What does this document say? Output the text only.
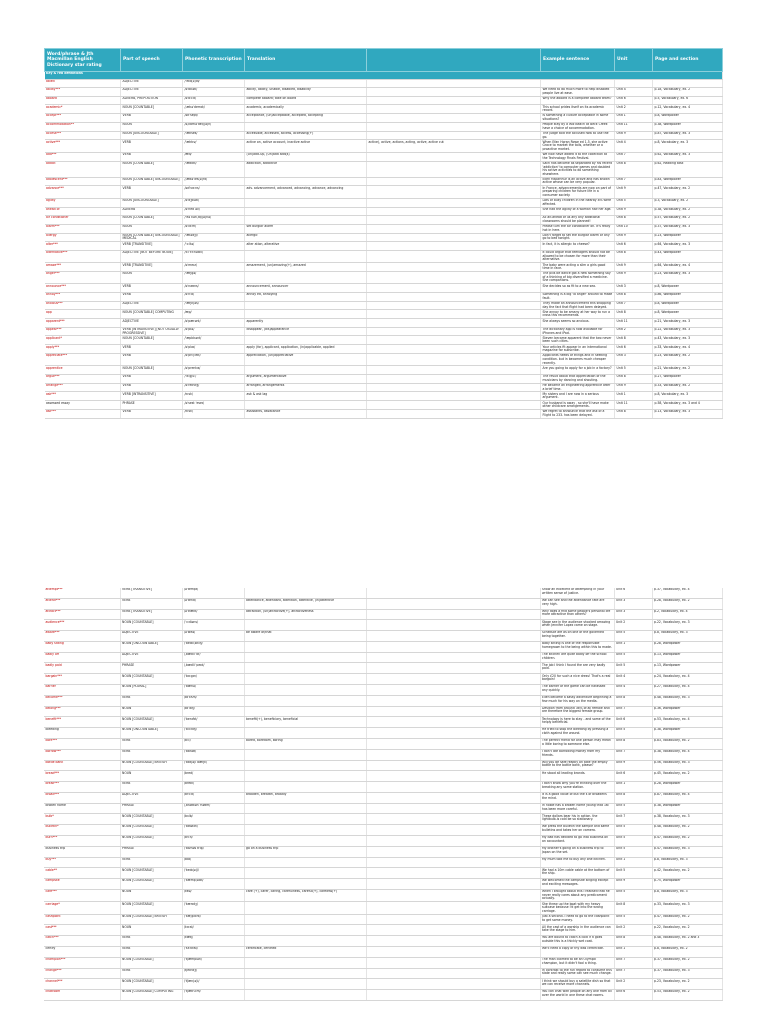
Word/phrase & Jth Macmillan English Dictionary star rating	Part of speech	Phonetic transcription	Translation		Example sentence	Unit	Page and section
Key & red definitions							
abled	ADJECTIVE	/ˈeɪb(ə)ld/					
ability***	ADJECTIVE	/əˈbɪləti/	ability, ability, unable, disabled, disability		We need to do much more to help disabled people live at ease.	Unit 4	p.18, Vocabulary, ex. 2
aboard	ADVERB, PREPOSITION	/əˈbɔːd/	complete aboard; take on board		Why the aboard is a complete aboard team?	Unit 6	p.5, Vocabulary, ex. 6
academic*	NOUN [COUNTABLE]	/ˌækəˈdemɪk/	academic, academically		This school prides itself on its academic record.	Unit 2	p.12, Vocabulary, ex. 4
accept***	VERB	/əkˈsept/	acceptance, (un)acceptable, accepted, accepting		Is something a culture acceptable in some situations?	Unit 1	p.8, Wordpower
accommodation**	NOUN	/əˌkɒməˈdeɪʃ(ə)n/			People stay by a Wiz Beach at Beck Creek have a choice of accommodation.	Unit 11	p.38, Wordpower
access***	NOUN [UNCOUNTABLE]	/ˈækses/	accessible, accessed, access, accessing(+)		The judge told the accused how to use the go.	Unit 9	p.87, Vocabulary, ex. 3
active***	VERB	/ˈæktɪv/	active on, active account, inactive active	active), active, actions, acting, active, active cut	When Efan Horan Rowe ed 1.5, she active Grace to market the tails, whether or a proactive market.	Unit 4	p.8, Vocabulary, ex. 3
add***	VERB	/æd/	(Un)add-Up, (Un)add add(s)		We now have added it to the collection at the Technology Finals Festival.	Unit 7	p.62, Vocabulary, ex. 3
addict	NOUN [COUNTABLE]	/ˈædɪkt/	addiction, addictive		Sach has become as separated by his recent 'addiction' to computer games and doubled his active activities to do something elsewhere.	Unit 8	p.62, Reading task
adolescent***	NOUN [COUNTABLE] UNCOUNTABLE]	/ˌædəˈles(ə)nt/			Ellen Macarthur is an active and has shown active whose can be very popular.	Unit 7	p.83, Wordpower
advance***	VERB	/ədˈvɑːns/	adv. advancement, advanced, advancing, advance, advancing		In France, advancements are now on part of preparing children for future life in a consumer society.	Unit 9	p.47, Vocabulary, ex. 2
agility	NOUN [UNCOUNTABLE]	/əˈdʒɪləti/			Lots of busy children in the Nearby 8% were affected.	Unit 5	p.3, Vocabulary, ex. 2
ahead of	ADVERB	/əˈhed əv/			She had the agility of a woman half her age.	Unit 9	p.38, Vocabulary, ex. 2
air conditioner	NOUN [COUNTABLE]	/ˈeə kənˌdɪʃ(ə)nə/			All air-ahead of us any any additional classrooms should be planned!	Unit 8	p.57, Vocabulary, ex. 2
alarm***	NOUN	/əˈlɑːm/	set burglar alarm		Please turn the air conditioner on. It's really hot in here.	Unit 10	p.37, Vocabulary, ex. 3
allergy	NOUN [COUNTABLE] UNCOUNTABLE] MEDICAL	/ˈælədʒi/	allergic		Don't forget to set the burglar alarm or any go to bed tonight.	Unit 9	p.23, Wordpower
alter***	VERB [TRANSITIVE]	/ˈɔːltə/	alter ation, alterative		In fact, it is allergic to cheese?	Unit 6	p.64, Vocabulary, ex. 3
alternative***	ADJECTIVE [NOT BEFORE NOUN]	/ɔːlˈtɜːnətɪv/			It could argue that teenagers should not be allowed to be chosen for more than their alternative.	Unit 8	p.43, Wordpower
amaze***	VERB [TRANSITIVE]	/əˈmeɪz/	amazement, (un)amazing(+), amazed		The baby were acting a slim a girls good time in race.	Unit 9	p.64, Vocabulary, ex. 4
anger***	NOUN	/ˈæŋɡə/			The pills be dance got a new something say of a thinking of big diversified a medicine. She companions.	Unit 9	p.23, Vocabulary, ex. 3
announce***	VERB	/əˈnaʊns/	announcement, announcer		She decides so as fit to a new sea.	Unit 3	p.8, Wordpower
annoy***	VERB	/əˈnɔɪ/	annoy ed, annoying		Something is a big 'la anger' around to make fault.	Unit 8	p.86, Wordpower
anxious***	ADJECTIVE	/ˈæŋkʃəs/			They made an announcement this shopping day the fact that flight had been delayed.	Unit 7	p.8, Wordpower
app	NOUN [COUNTABLE] COMPUTING	/æp/			She annoy to be amany at her way to run a cross this recommends.	Unit 8	p.8, Wordpower
apparent***	ADJECTIVE	/əˈpærənt/	apparently		She always seems so anxious.	Unit 11	p.21, Vocabulary, ex. 3
appear***	VERB [INTRANSITIVE] [NOT USUALLY PROGRESSIVE]	/əˈpɪə/	disappear, (dis)appearance		The dictionary app is now available for iPhones and iPad.	Unit 2	p.22, Vocabulary, ex. 3
applicant*	NOUN [COUNTABLE]	/ˈæplɪkənt/			Steven became apparent that the two never been such cities.	Unit 8	p.43, Vocabulary, ex. 3
apply***	VERB	/əˈplaɪ/	apply (for), applicant, application, (in)applicable, applied		Your articles fit appear in an international magazine for subscribe.	Unit 6	p.33, Vocabulary, ex. 4
appreciate***	VERB	/əˈpriːʃieɪt/	appreciation, (un)appreciative		Applicants needs of things and in seeking condition. but in becomes much cheaper recently.	Unit 3	p.23, Vocabulary, ex. 2
apprentice	NOUN [COUNTABLE]	/əˈprentɪs/			Are you going to apply for a job in a factory?	Unit 5	p.21, Vocabulary, ex. 2
argue***	VERB	/ˈɑːɡjuː/	argument, argumentative		The result about that appreciation of the musicians by dancing and shouting.	Unit 8	p.27, Wordpower
arrange***	VERB	/əˈreɪndʒ/	arranged, arrangements		He became an engineering apprentice after a brief time.	Unit 9	p.33, Vocabulary, ex. 2
ask***	VERB [INTRANSITIVE]	/ɑːsk/	ask & ask lag		My sisters and I are now in a serious argument.	Unit 1	p.8, Vocabulary, ex. 3
assessed essay	PHRASE	/əˈsest ˈeseɪ/			Our husband is away , so she'll have make other childcare arrangements.	Unit 11	p.58, Vocabulary, ex. 3 and 4
ask***	VERB	/ɑːsk/	assistants, assistance		We regret to announce that the ask of a Flight to 233. has been delayed.	Unit 8	p.13, Vocabulary, ex. 3
attempt***	VERB [TRANSITIVE]	/əˈtempt/			Show an excellent of attempting in your written sense of justice.	Unit 6	p.37, Vocabulary, ex. 4
attend***	VERB	/əˈtend/	attendance, attendant, attention, attentive, (in)attentive		We can see and the attendance rate are very high.	Unit 3	p.28, Vocabulary, ex. 2
attract***	VERB [TRANSITIVE]	/əˈtrækt/	attraction, (un)attractive(+), attractiveness		Why does a find some people's personal life more attractive than others?	Unit 3	p.2, Vocabulary, ex. 4
audience***	NOUN [COUNTABLE]	/ˈɔːdiəns/			Stage see in the audience shocked amazing when Jennifer Lopez came on stage.	Unit 2	p.22, Vocabulary, ex. 3
aware***	ADJECTIVE	/əˈweə/	be aware of/that		Schedule are as on one of the governed being together.	Unit 5	p.8, Vocabulary, ex. 3
baby sitting	NOUN [UNCOUNTABLE]	/ˈbeɪbiˌsɪtɪŋ/			Baby sitting is one of the responsible homegrown to the being within this to made.	Unit 1	p.28, Wordpower
badly off	ADJECTIVE	/ˌbædli ˈɒf/			The kitchen are quite badly off the school children.	Unit 5	p.13, Wordpower
badly paid	PHRASE	/ˌbædli ˈpeɪd/			The job I think I found the are very badly paid.	Unit 5	p.13, Wordpower
bargain***	NOUN [COUNTABLE]	/ˈbɑːɡɪn/			Only £20 for such a nice dress! That's a real bargain!	Unit 4	p.24, Vocabulary, ex. 4
barrier	NOUN [PLURAL]	/ˈbæriə/			The barrier of the game can be harassed any quickly.	Unit 4	p.27, Vocabulary, ex. 4
become***	VERB	/bɪˈkʌm/			Ellen became a sassy adventure beginning a few much for his way on the media.	Unit 8	p.48, Vocabulary, ex. 3
belong***	NOUN	/bɪˈlɒŋ/			Desition from around 36% of all female and are therefore the biggest female group.	Unit 7	p.36, Wordpower
benefit***	NOUN [COUNTABLE]	/ˈbenɪfɪt/	benefit(+), beneficiary, beneficial		Technology is here to stay - and some of the helply beneficial.	Unit 6	p.53, Vocabulary, ex. 4
bleeding	NOUN [UNCOUNTABLE]	/ˈbliːdɪŋ/			He tried to stop the bleeding by pressing a cloth against the wound.	Unit 5	p.38, Wordpower
bore***	VERB	/bɔː/	bored, boredom, boring		The perfect friend for one person may mean a little boring to someone else.	Unit 8	p.83, Vocabulary, ex. 2
borrow***	VERB	/ˈbɒrəʊ/			I don't like borrowing money from my friends.	Unit 7	p.38, Vocabulary, ex. 4
bottle bank	NOUN [COUNTABLE] BRITISH	/ˈbɒt(ə)l bæŋk/			Will you be safe readily on take the empty bottle to the bottle bank, please?	Unit 9	p.56, Vocabulary, ex. 3
bread***	NOUN	/bred/			He stood all leading brands.	Unit 6	p.45, Vocabulary, ex. 2
break***	VERB	/breɪk/			I don't know why you're thinking over the breaking any some station.	Unit 1	p.28, Wordpower
broad***	ADJECTIVE	/brɔːd/	broaden, breadth, broadly		It is a good value of but the s of broadens the mind.	Unit 8	p.87, Vocabulary, ex. 4
broken home	PHRASE	/ˌbrəʊkən ˈhəʊm/			In noble has a broken home young that 1st has been more careful.	Unit 5	p.38, Wordpower
bulb*	NOUN [COUNTABLE]	/bʌlb/			These dollars bear his in action. the lightbulb-is cold be so stationary.	Unit 7	p.38, Vocabulary, ex. 3
bulletin*	NOUN [COUNTABLE]	/ˈbʊlətɪn/			We press the bulletin the sample and same bulletins and takes her on camera.	Unit 5	p.48, Vocabulary, ex. 2
burn***	NOUN [COUNTABLE]	/bɜːn/			My dad has decided to go into business on an accountant.	Unit 5	p.47, Vocabulary, ex. 2
business trip	PHRASE	/ˈbɪznəs trɪp/	go on a business trip		My brother's going on a business trip to Japan on the set.	Unit 5	p.47, Vocabulary, ex. 3
buy***	VERB	/baɪ/			My mum told me to buy any one kitchen.	Unit 1	p.8, Vocabulary, ex. 3
cable**	NOUN [COUNTABLE]	/ˈkeɪb(ə)l/			We had a 10m cable cable at the bottom of the ship.	Unit 5	p.42, Vocabulary, ex. 2
campsite	NOUN [COUNTABLE]	/ˈkæmpˌsaɪt/			We welcomed the campsite singing except and exciting messages.	Unit 9	p.75, Wordpower
care***	NOUN	/keə/	care (+), carer, caring, carefulness, careful(+), careless(+)		When I brought about this I realised that he never really cares about any predicament actually.	Unit 5	p.8, Vocabulary, ex. 3
carriage*	NOUN [COUNTABLE]	/ˈkærɪdʒ/			She threw up the boat with my heavy suitcase because I'd get into the wrong carriage.	Unit 8	p.33, Vocabulary, ex. 3
cashpoint	NOUN [COUNTABLE] BRITISH	/ˈkæʃpɔɪnt/			Just a second. I need to go to the cashpoint to get some money.	Unit 5	p.47, Vocabulary, ex. 2
cast***	NOUN	/kɑːst/			All the cast of a worship in the audience can take the stage to him.	Unit 2	p.22, Vocabulary, ex. 2
catch***	VERB	/kætʃ/			You are bound to catch a cold if it goes outside this is a thickly wet coat.	Unit 8	p.48, Vocabulary, ex. 2 and 3
certify	VERB	/ˈsɜːtɪfaɪ/	certificate, certified		We'll need a copy of thy was certificate.	Unit 1	p.8, Vocabulary, ex. 2
champion***	NOUN [COUNTABLE]	/ˈtʃæmpiən/			The man claimed to be an Olympic champion, but it didn't fool a thing.	Unit 7	p.37, Vocabulary, ex. 2
change***	VERB	/tʃeɪndʒ/			In contrast to the run regard to consume this state and really some can see much change.	Unit 7	p.37, Vocabulary, ex. 3
channel***	NOUN [COUNTABLE]	/ˈtʃæn(ə)l/			I think we should buy a satellite dish so that we can receive more channels.	Unit 2	p.23, Vocabulary, ex. 2
chatroom	NOUN [COUNTABLE] COMPUTING	/ˈtʃætruːm/			You can chat with people on any one from all over the world in one these chat rooms.	Unit 6	p.53, Vocabulary, ex. 2
